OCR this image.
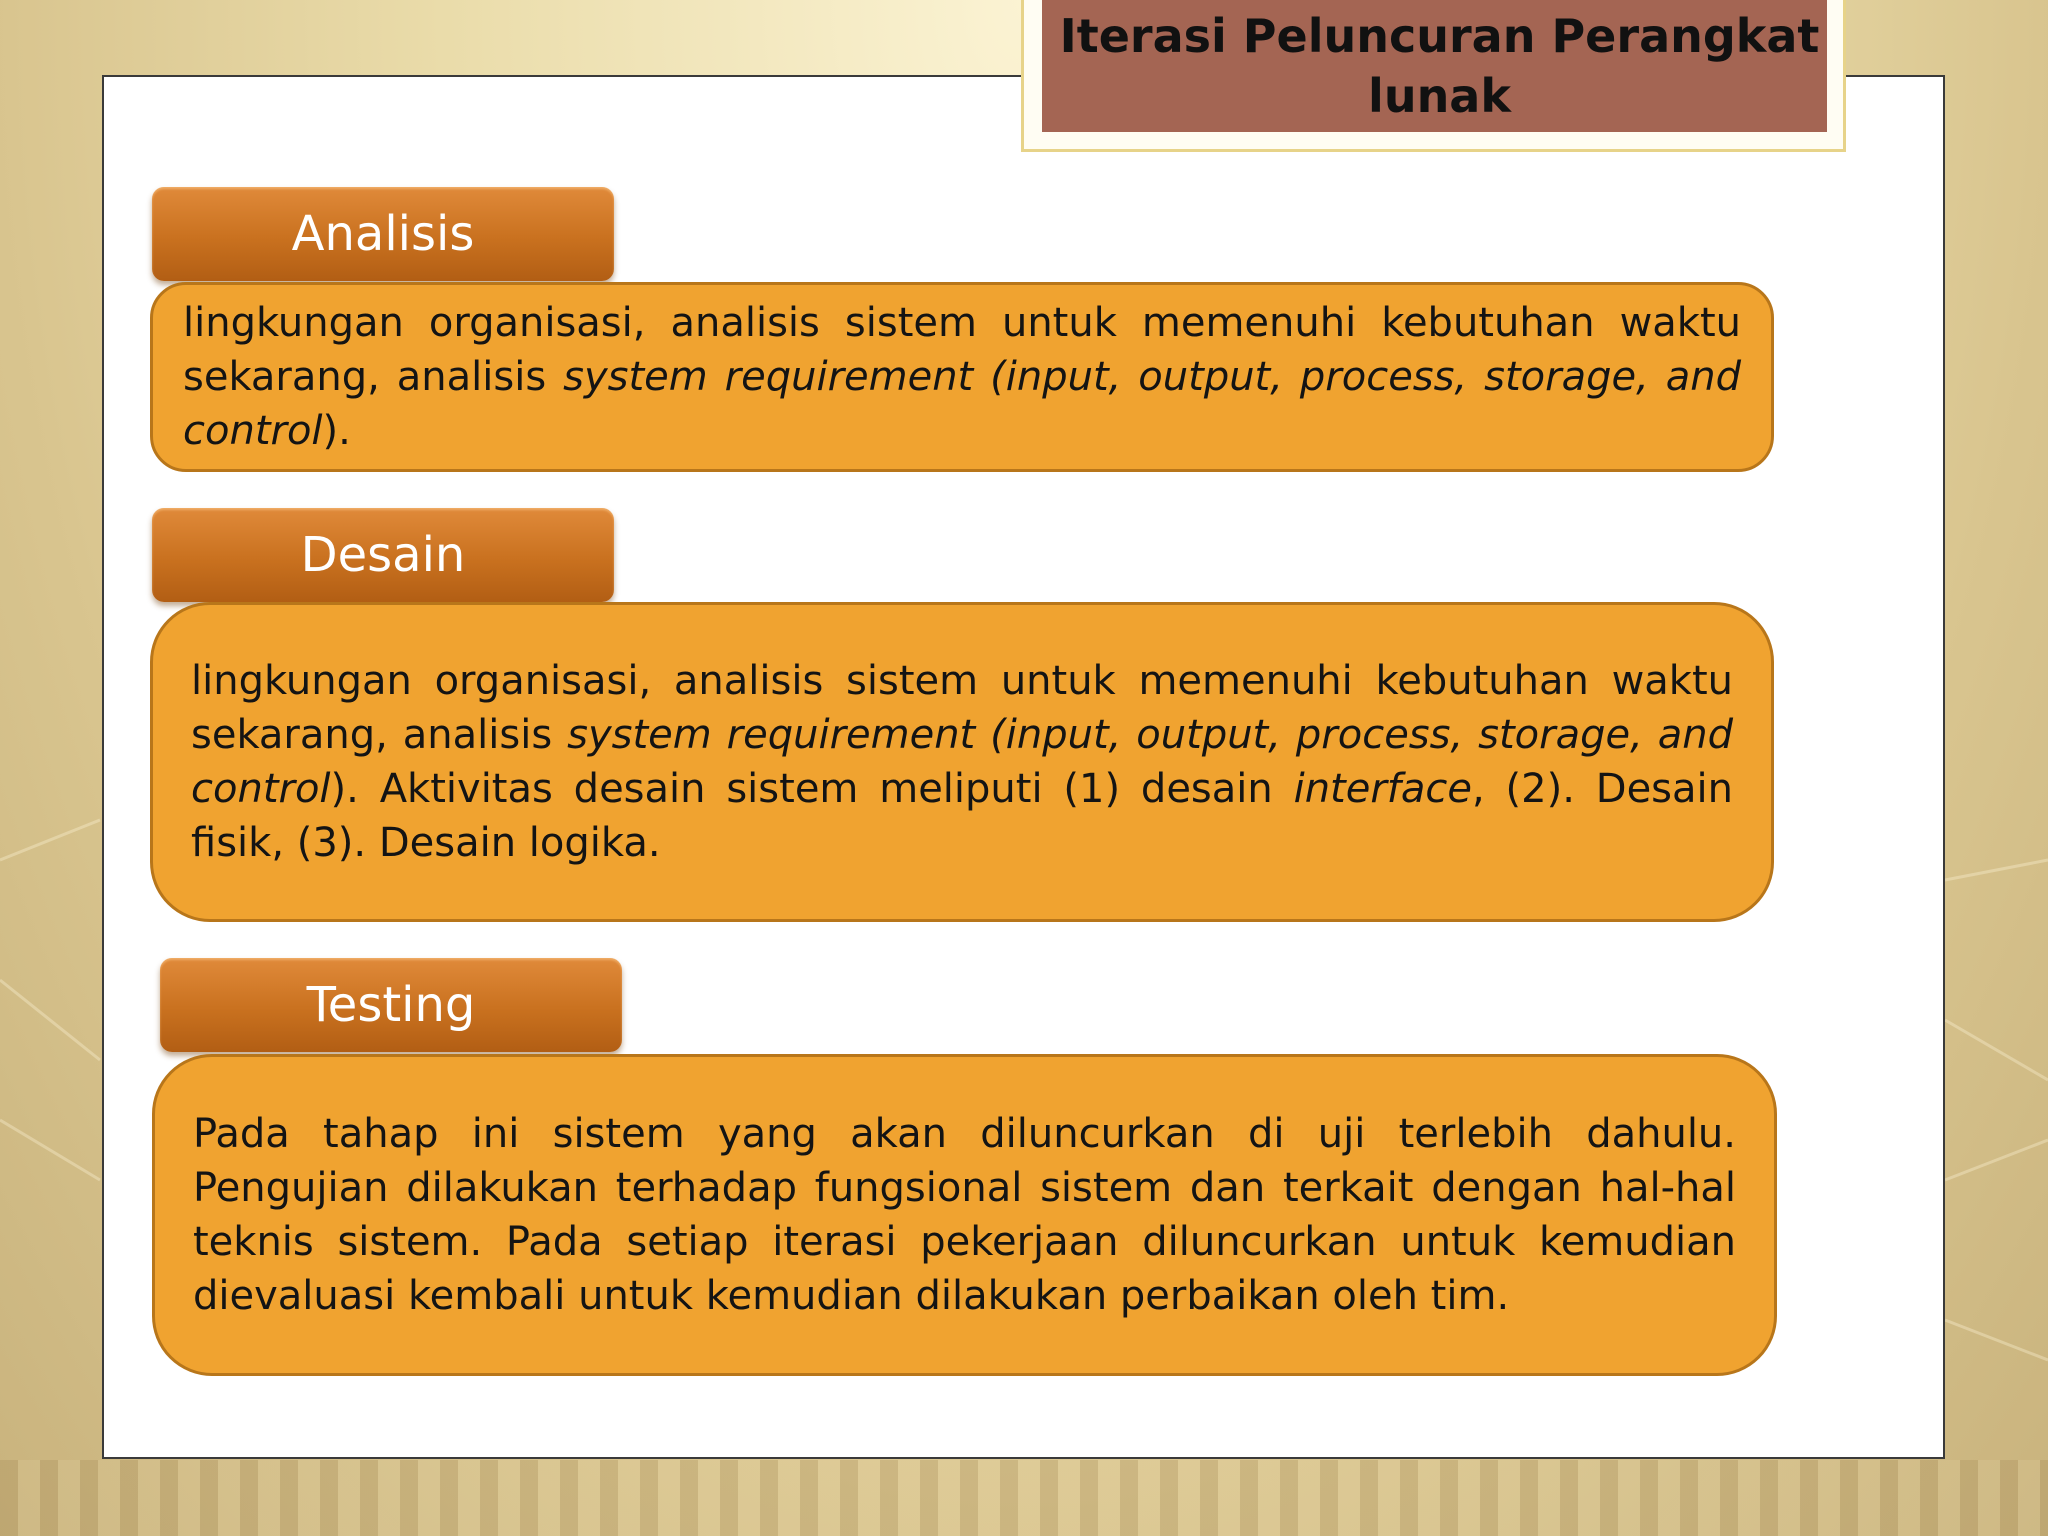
Iterasi Peluncuran Perangkat lunak
Analisis
lingkungan organisasi, analisis sistem untuk memenuhi kebutuhan waktu sekarang, analisis system requirement (input, output, process, storage, and control).
Desain
lingkungan organisasi, analisis sistem untuk memenuhi kebutuhan waktu sekarang, analisis system requirement (input, output, process, storage, and control). Aktivitas desain sistem meliputi (1) desain interface, (2). Desain fisik, (3). Desain logika.
Testing
Pada tahap ini sistem yang akan diluncurkan di uji terlebih dahulu. Pengujian dilakukan terhadap fungsional sistem dan terkait dengan hal-hal teknis sistem. Pada setiap iterasi pekerjaan diluncurkan untuk kemudian dievaluasi kembali untuk kemudian dilakukan perbaikan oleh tim.
